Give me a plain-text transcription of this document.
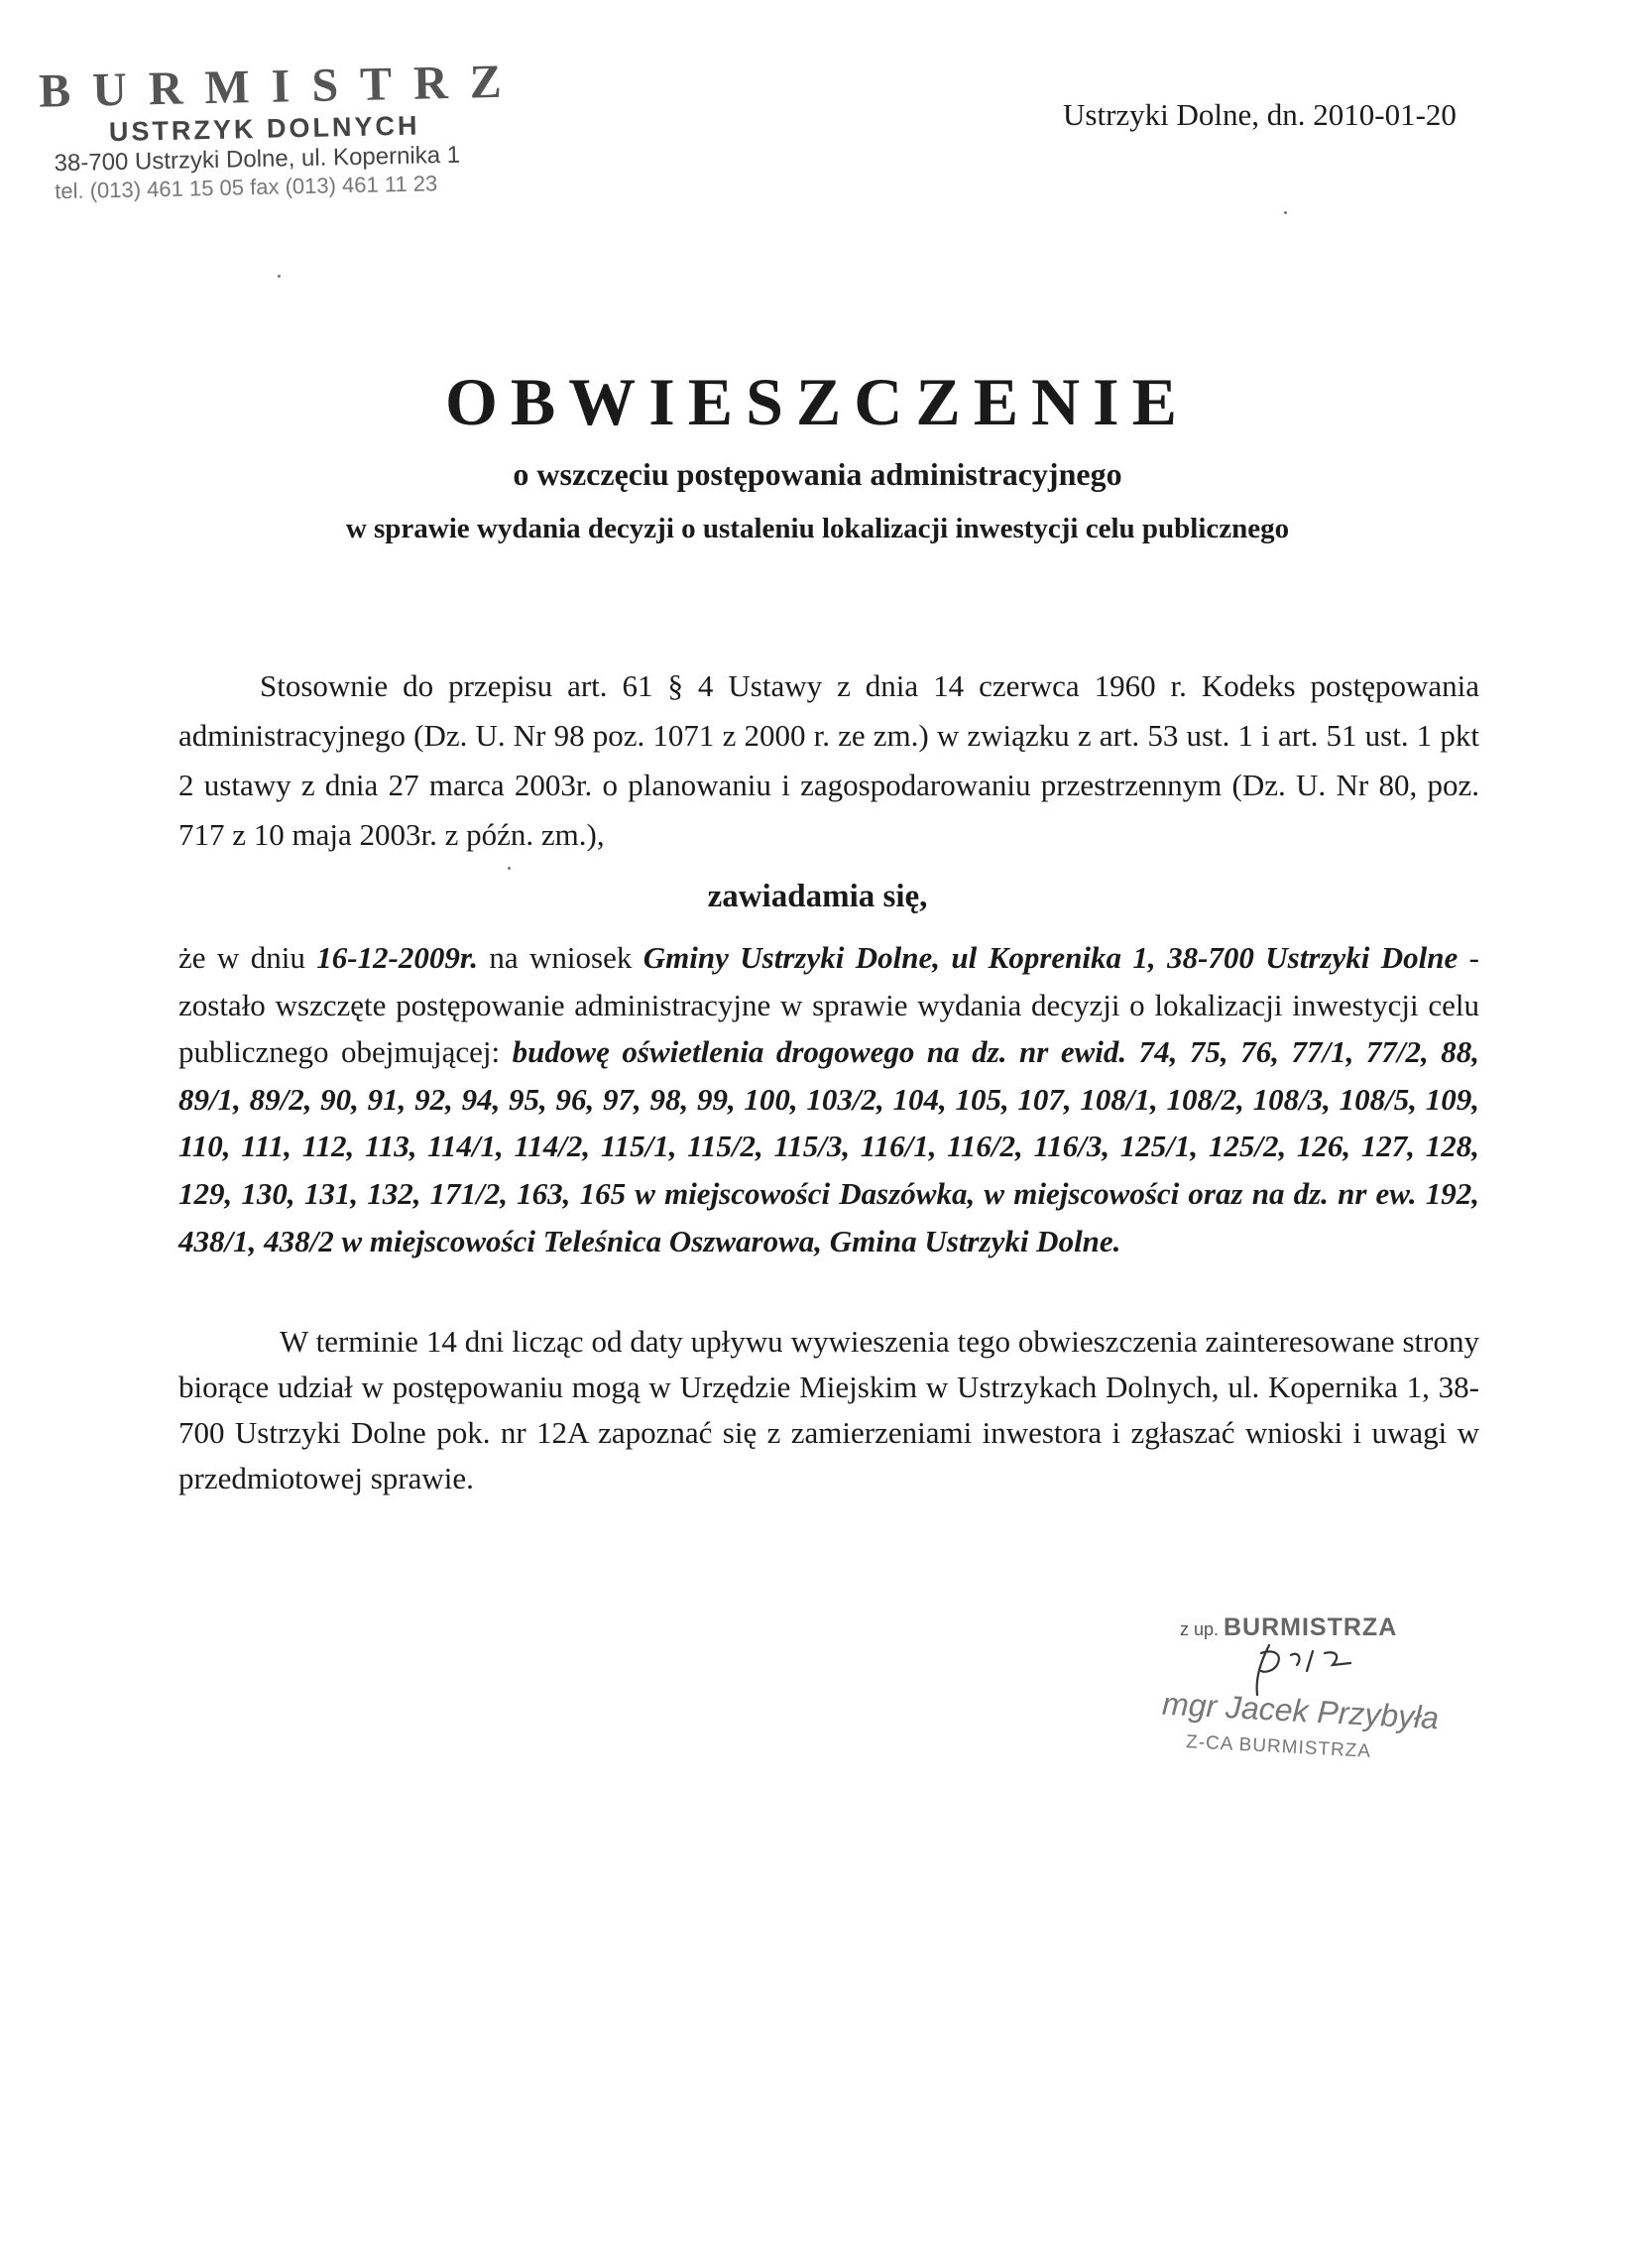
BURMISTRZ
USTRZYK DOLNYCH
38-700 Ustrzyki Dolne, ul. Kopernika 1
tel. (013) 461 15 05 fax (013) 461 11 23
Ustrzyki Dolne, dn. 2010-01-20
OBWIESZCZENIE
o wszczęciu postępowania administracyjnego
w sprawie wydania decyzji o ustaleniu lokalizacji inwestycji celu publicznego
Stosownie do przepisu art. 61 § 4 Ustawy z dnia 14 czerwca 1960 r. Kodeks postępowania administracyjnego (Dz. U. Nr 98 poz. 1071 z 2000 r. ze zm.) w związku z art. 53 ust. 1 i art. 51 ust. 1 pkt 2 ustawy z dnia 27 marca 2003r. o planowaniu i zagospodarowaniu przestrzennym (Dz. U. Nr 80, poz. 717 z 10 maja 2003r. z późn. zm.),
zawiadamia się,
że w dniu 16-12-2009r. na wniosek Gminy Ustrzyki Dolne, ul Koprenika 1, 38-700 Ustrzyki Dolne - zostało wszczęte postępowanie administracyjne w sprawie wydania decyzji o lokalizacji inwestycji celu publicznego obejmującej: budowę oświetlenia drogowego na dz. nr ewid. 74, 75, 76, 77/1, 77/2, 88, 89/1, 89/2, 90, 91, 92, 94, 95, 96, 97, 98, 99, 100, 103/2, 104, 105, 107, 108/1, 108/2, 108/3, 108/5, 109, 110, 111, 112, 113, 114/1, 114/2, 115/1, 115/2, 115/3, 116/1, 116/2, 116/3, 125/1, 125/2, 126, 127, 128, 129, 130, 131, 132, 171/2, 163, 165 w miejscowości Daszówka, w miejscowości oraz na dz. nr ew. 192, 438/1, 438/2 w miejscowości Teleśnica Oszwarowa, Gmina Ustrzyki Dolne.
W terminie 14 dni licząc od daty upływu wywieszenia tego obwieszczenia zainteresowane strony biorące udział w postępowaniu mogą w Urzędzie Miejskim w Ustrzykach Dolnych, ul. Kopernika 1, 38-700 Ustrzyki Dolne pok. nr 12A zapoznać się z zamierzeniami inwestora i zgłaszać wnioski i uwagi w przedmiotowej sprawie.
z up. BURMISTRZA
mgr Jacek Przybyła
Z-CA BURMISTRZA
